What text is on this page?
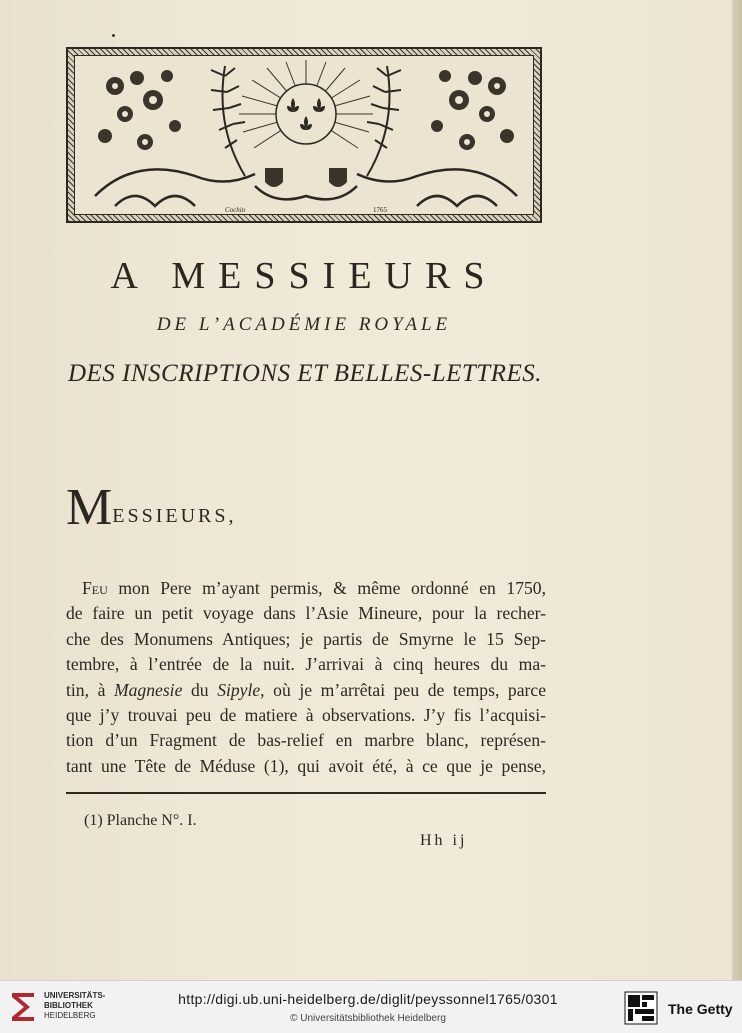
Cochin	1765
A MESSIEURS
DE L’ACADÉMIE ROYALE
DES INSCRIPTIONS ET BELLES-LETTRES.
MESSIEURS,
Feu mon Pere m’ayant permis, & même ordonné en 1750,
de faire un petit voyage dans l’Asie Mineure, pour la recher-
che des Monumens Antiques; je partis de Smyrne le 15 Sep-
tembre, à l’entrée de la nuit. J’arrivai à cinq heures du ma-
tin, à Magnesie du Sipyle, où je m’arrêtai peu de temps, parce
que j’y trouvai peu de matiere à observations. J’y fis l’acquisi-
tion d’un Fragment de bas-relief en marbre blanc, représen-
tant une Tête de Méduse (1), qui avoit été, à ce que je pense,
(1) Planche N°. I.
Hh ij
UNIVERSITÄTS-
BIBLIOTHEK
HEIDELBERG
http://digi.ub.uni-heidelberg.de/diglit/peyssonnel1765/0301
© Universitätsbibliothek Heidelberg
The Getty
